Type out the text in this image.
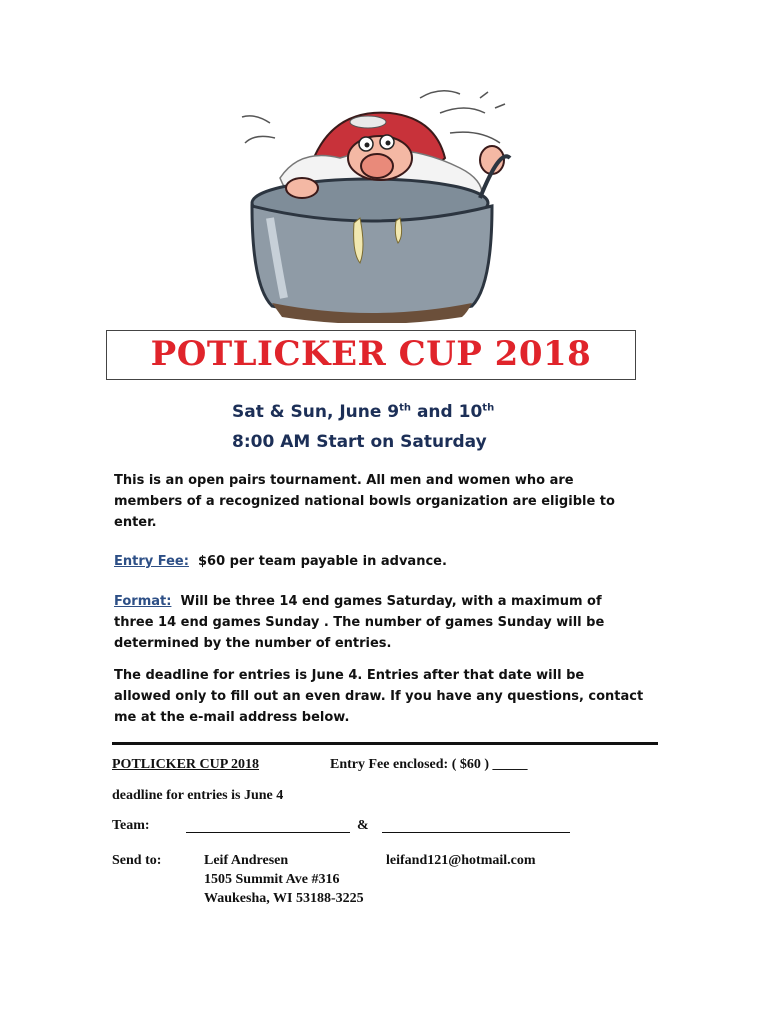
POTLICKER CUP 2018
Sat & Sun, June 9th and 10th
8:00 AM Start on Saturday
This is an open pairs tournament. All men and women who are members of a recognized national bowls organization are eligible to enter.
Entry Fee: $60 per team payable in advance.
Format: Will be three 14 end games Saturday, with a maximum of three 14 end games Sunday . The number of games Sunday will be determined by the number of entries.
The deadline for entries is June 4. Entries after that date will be allowed only to fill out an even draw. If you have any questions, contact me at the e-mail address below.
POTLICKER CUP 2018	Entry Fee enclosed: ( $60 ) _____
deadline for entries is June 4
Team:	&
Send to:	Leif Andresen	leifand121@hotmail.com
1505 Summit Ave #316
Waukesha, WI 53188-3225
